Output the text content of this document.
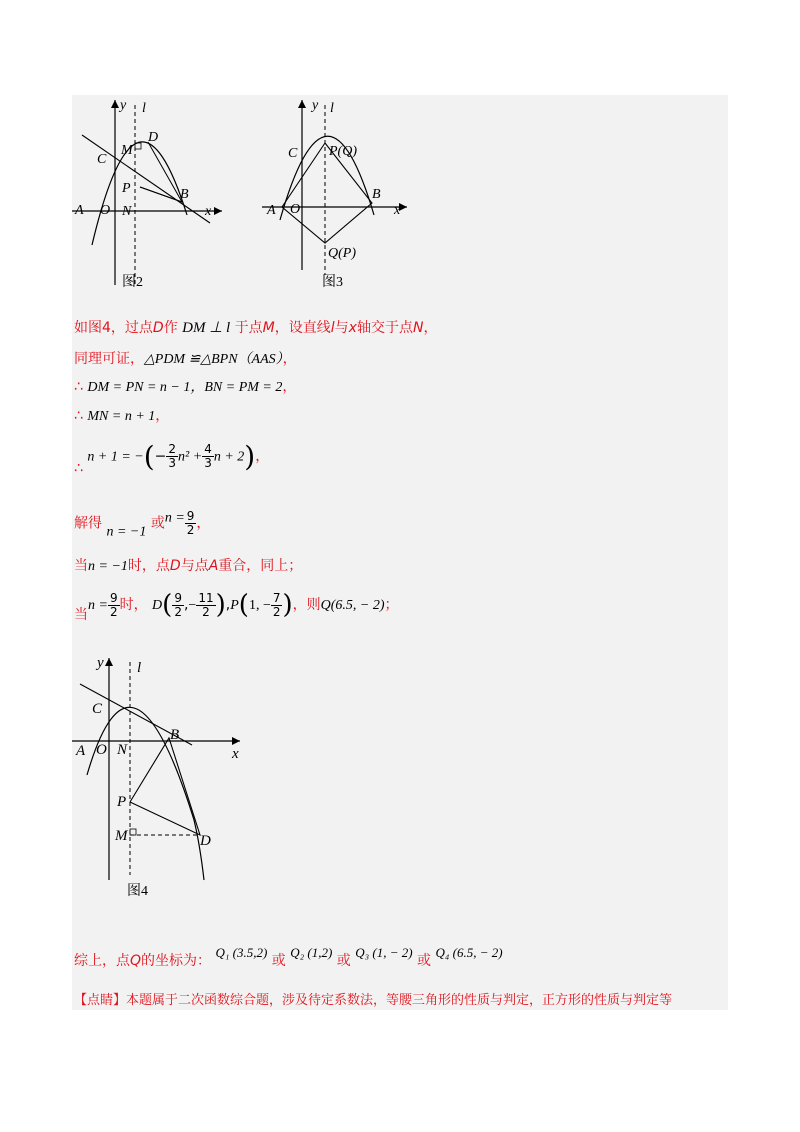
y l
D
M
C
P	B
A O N	x
图2
y l
C P(Q)
B
A O	x
Q(P)
图3
如图4，过点D作 DM ⊥ l 于点M，设直线l与x轴交于点N，
同理可证，△PDM ≌△BPN（AAS），
∴ DM = PN = n − 1，BN = PM = 2，
∴ MN = n + 1，
∴ n + 1 = −(− $\frac{2}{3} n^2 + \frac{4}{3}$ n + 2)，
解得 n = −1 或$n = \frac{9}{2}$ ，
当n = −1时，点D与点A重合，同上；
当$n = \frac{9}{2}$ 时， $D( \frac{9}{2}$ ,− $\frac{11}{2} ),P(1$, − $\frac{7}{2}$ )，则Q(6.5, − 2)；
y l
C
B
A O N	x
P
M	D
图4
综上，点Q的坐标为： Q₁ (3.5,2) 或 Q₂ (1,2) 或 Q₃ (1, − 2) 或 Q₄ (6.5, − 2)
【点睛】本题属于二次函数综合题，涉及待定系数法，等腰三角形的性质与判定，正方形的性质与判定等
